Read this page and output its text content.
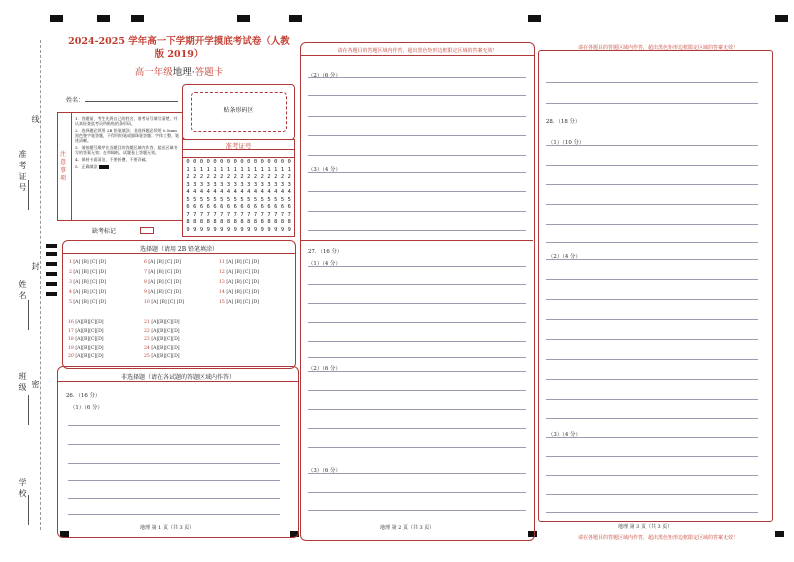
准考证号
线
姓名
封
班级 密
学校
2024-2025 学年高一下学期开学摸底考试卷（人教版 2019）
高一年级地理·答题卡
姓名：
贴条形码区
注意事项
1．答题前，考生先将自己的姓名、准考证号填写清楚，并认真检查监考员所粘贴的条形码。
2．选择题必须用 2B 铅笔填涂；非选择题必须用 0.5mm 黑色签字笔答题，不得用铅笔或圆珠笔答题；字体工整、笔迹清晰。
3．请按题号顺序在各题目的答题区域内作答，超出区域书写的答案无效；在草稿纸、试题卷上答题无效。
4．保持卡面清洁，不要折叠，不要弄破。
5．正确填涂
准考证号
0
1
2
3
4
5
6
7
8
9
0
1
2
3
4
5
6
7
8
9
0
1
2
3
4
5
6
7
8
9
0
1
2
3
4
5
6
7
8
9
0
1
2
3
4
5
6
7
8
9
0
1
2
3
4
5
6
7
8
9
0
1
2
3
4
5
6
7
8
9
0
1
2
3
4
5
6
7
8
9
0
1
2
3
4
5
6
7
8
9
0
1
2
3
4
5
6
7
8
9
0
1
2
3
4
5
6
7
8
9
0
1
2
3
4
5
6
7
8
9
0
1
2
3
4
5
6
7
8
9
0
1
2
3
4
5
6
7
8
9
0
1
2
3
4
5
6
7
8
9
0
1
2
3
4
5
6
7
8
9
缺考标记
选择题（请用 2B 铅笔填涂）
1 [A] [B] [C] [D]
2 [A] [B] [C] [D]
3 [A] [B] [C] [D]
4 [A] [B] [C] [D]
5 [A] [B] [C] [D]
6 [A] [B] [C] [D]
7 [A] [B] [C] [D]
8 [A] [B] [C] [D]
9 [A] [B] [C] [D]
10 [A] [B] [C] [D]
11 [A] [B] [C] [D]
12 [A] [B] [C] [D]
13 [A] [B] [C] [D]
14 [A] [B] [C] [D]
15 [A] [B] [C] [D]
16 [A][B][C][D]
17 [A][B][C][D]
18 [A][B][C][D]
19 [A][B][C][D]
20 [A][B][C][D]
21 [A][B][C][D]
22 [A][B][C][D]
23 [A][B][C][D]
24 [A][B][C][D]
25 [A][B][C][D]
非选择题（请在各试题的答题区域内作答）
26．（16 分）
（1）（6 分）
地理 第 1 页（共 3 页）
请在各题目的答题区域内作答，超出黑色矩形边框限定区域的答案无效！
（2）（6 分）
（3）（4 分）
27．（16 分）
（1）（4 分）
（2）（6 分）
（3）（6 分）
地理 第 2 页（共 3 页）
请在各题目的答题区域内作答，超出黑色矩形边框限定区域的答案无效！
28．（18 分）
（1）（10 分）
（2）（4 分）
（3）（4 分）
地理 第 3 页（共 3 页）
请在各题目的答题区域内作答，超出黑色矩形边框限定区域的答案无效！
